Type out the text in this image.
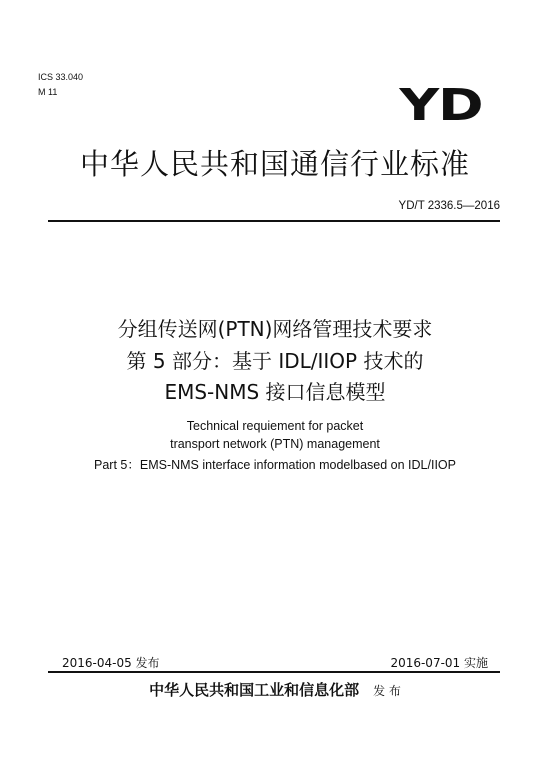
ICS 33.040
M 11	YD
中华人民共和国通信行业标准
YD/T 2336.5—2016
分组传送网(PTN)网络管理技术要求
第 5 部分：基于 IDL/IIOP 技术的
EMS-NMS 接口信息模型
Technical requiement for packet
transport network (PTN) management
Part 5：EMS-NMS interface information modelbased on IDL/IIOP
2016-04-05 发布	2016-07-01 实施
中华人民共和国工业和信息化部 发 布
